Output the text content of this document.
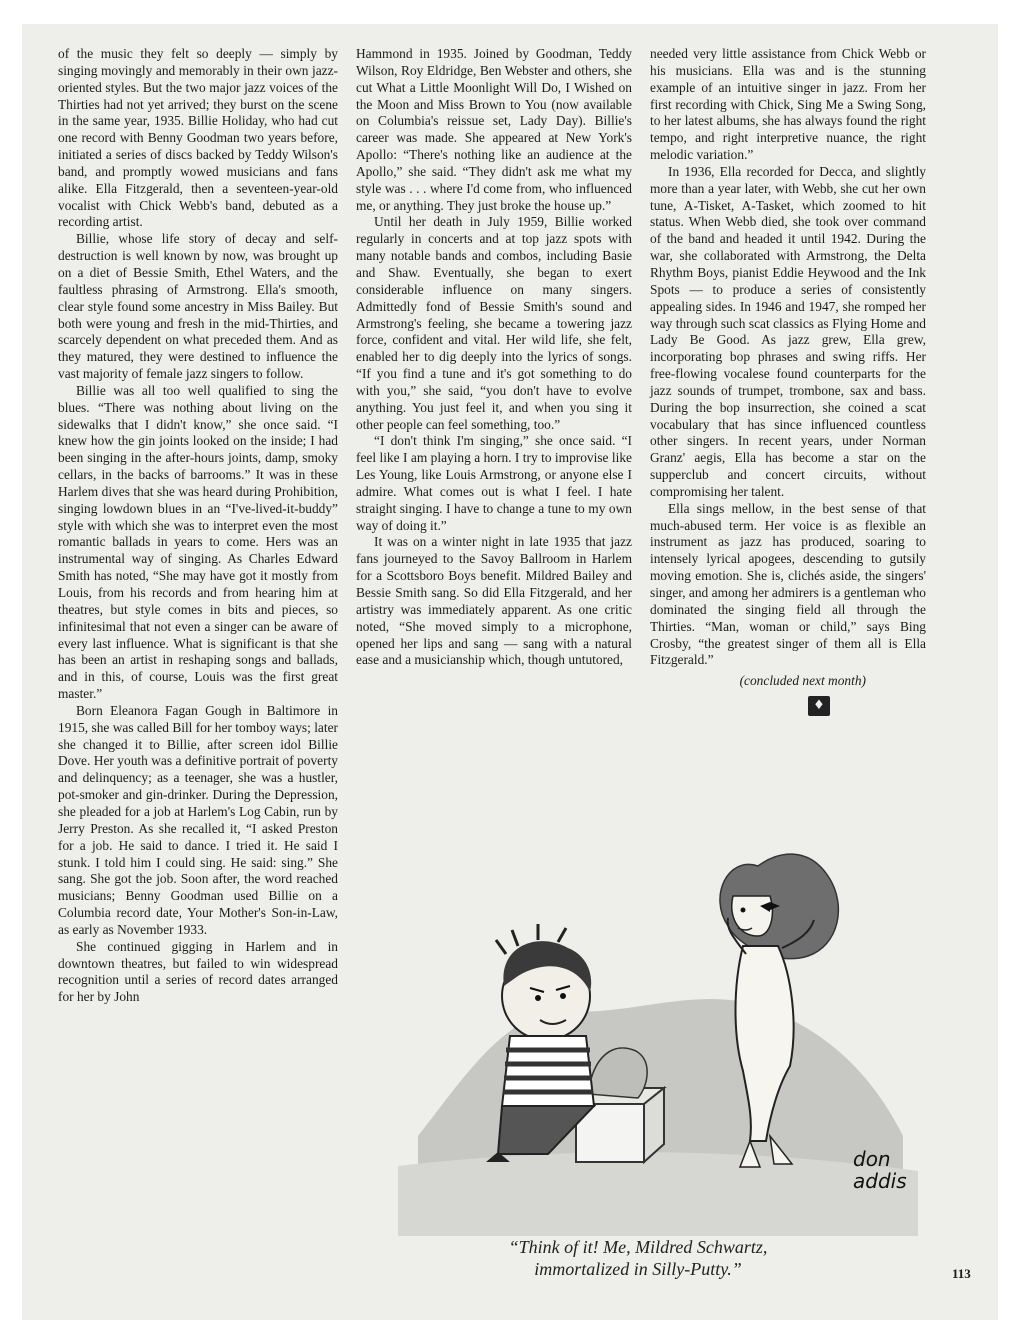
of the music they felt so deeply — simply by singing movingly and memorably in their own jazz-oriented styles. But the two major jazz voices of the Thirties had not yet arrived; they burst on the scene in the same year, 1935. Billie Holiday, who had cut one record with Benny Goodman two years before, initiated a series of discs backed by Teddy Wilson's band, and promptly wowed musicians and fans alike. Ella Fitzgerald, then a seventeen-year-old vocalist with Chick Webb's band, debuted as a recording artist.

Billie, whose life story of decay and self-destruction is well known by now, was brought up on a diet of Bessie Smith, Ethel Waters, and the faultless phrasing of Armstrong. Ella's smooth, clear style found some ancestry in Miss Bailey. But both were young and fresh in the mid-Thirties, and scarcely dependent on what preceded them. And as they matured, they were destined to influence the vast majority of female jazz singers to follow.

Billie was all too well qualified to sing the blues. “There was nothing about living on the sidewalks that I didn't know,” she once said. “I knew how the gin joints looked on the inside; I had been singing in the after-hours joints, damp, smoky cellars, in the backs of barrooms.” It was in these Harlem dives that she was heard during Prohibition, singing lowdown blues in an “I've-lived-it-buddy” style with which she was to interpret even the most romantic ballads in years to come. Hers was an instrumental way of singing. As Charles Edward Smith has noted, “She may have got it mostly from Louis, from his records and from hearing him at theatres, but style comes in bits and pieces, so infinitesimal that not even a singer can be aware of every last influence. What is significant is that she has been an artist in reshaping songs and ballads, and in this, of course, Louis was the first great master.”

Born Eleanora Fagan Gough in Baltimore in 1915, she was called Bill for her tomboy ways; later she changed it to Billie, after screen idol Billie Dove. Her youth was a definitive portrait of poverty and delinquency; as a teenager, she was a hustler, pot-smoker and gin-drinker. During the Depression, she pleaded for a job at Harlem's Log Cabin, run by Jerry Preston. As she recalled it, “I asked Preston for a job. He said to dance. I tried it. He said I stunk. I told him I could sing. He said: sing.” She sang. She got the job. Soon after, the word reached musicians; Benny Goodman used Billie on a Columbia record date, Your Mother's Son-in-Law, as early as November 1933.

She continued gigging in Harlem and in downtown theatres, but failed to win widespread recognition until a series of record dates arranged for her by John

Hammond in 1935. Joined by Goodman, Teddy Wilson, Roy Eldridge, Ben Webster and others, she cut What a Little Moonlight Will Do, I Wished on the Moon and Miss Brown to You (now available on Columbia's reissue set, Lady Day). Billie's career was made. She appeared at New York's Apollo: “There's nothing like an audience at the Apollo,” she said. “They didn't ask me what my style was . . . where I'd come from, who influenced me, or anything. They just broke the house up.”

Until her death in July 1959, Billie worked regularly in concerts and at top jazz spots with many notable bands and combos, including Basie and Shaw. Eventually, she began to exert considerable influence on many singers. Admittedly fond of Bessie Smith's sound and Armstrong's feeling, she became a towering jazz force, confident and vital. Her wild life, she felt, enabled her to dig deeply into the lyrics of songs. “If you find a tune and it's got something to do with you,” she said, “you don't have to evolve anything. You just feel it, and when you sing it other people can feel something, too.”

“I don't think I'm singing,” she once said. “I feel like I am playing a horn. I try to improvise like Les Young, like Louis Armstrong, or anyone else I admire. What comes out is what I feel. I hate straight singing. I have to change a tune to my own way of doing it.”

It was on a winter night in late 1935 that jazz fans journeyed to the Savoy Ballroom in Harlem for a Scottsboro Boys benefit. Mildred Bailey and Bessie Smith sang. So did Ella Fitzgerald, and her artistry was immediately apparent. As one critic noted, “She moved simply to a microphone, opened her lips and sang — sang with a natural ease and a musicianship which, though untutored,

needed very little assistance from Chick Webb or his musicians. Ella was and is the stunning example of an intuitive singer in jazz. From her first recording with Chick, Sing Me a Swing Song, to her latest albums, she has always found the right tempo, and right interpretive nuance, the right melodic variation.”

In 1936, Ella recorded for Decca, and slightly more than a year later, with Webb, she cut her own tune, A-Tisket, A-Tasket, which zoomed to hit status. When Webb died, she took over command of the band and headed it until 1942. During the war, she collaborated with Armstrong, the Delta Rhythm Boys, pianist Eddie Heywood and the Ink Spots — to produce a series of consistently appealing sides. In 1946 and 1947, she romped her way through such scat classics as Flying Home and Lady Be Good. As jazz grew, Ella grew, incorporating bop phrases and swing riffs. Her free-flowing vocalese found counterparts for the jazz sounds of trumpet, trombone, sax and bass. During the bop insurrection, she coined a scat vocabulary that has since influenced countless other singers. In recent years, under Norman Granz' aegis, Ella has become a star on the supperclub and concert circuits, without compromising her talent.

Ella sings mellow, in the best sense of that much-abused term. Her voice is as flexible an instrument as jazz has produced, soaring to intensely lyrical apogees, descending to gutsily moving emotion. She is, clichés aside, the singers' singer, and among her admirers is a gentleman who dominated the singing field all through the Thirties. “Man, woman or child,” says Bing Crosby, “the greatest singer of them all is Ella Fitzgerald.”

(concluded next month)
♦
don
addis
“Think of it! Me, Mildred Schwartz,
immortalized in Silly-Putty.”	113
